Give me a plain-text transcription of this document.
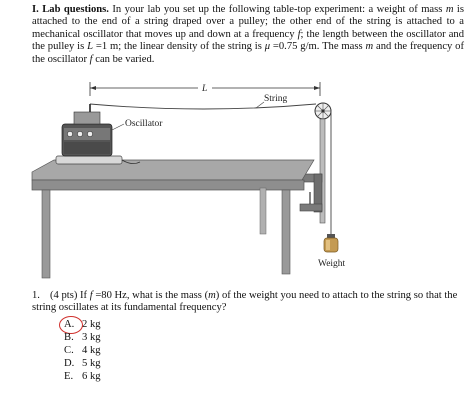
I. Lab questions. In your lab you set up the following table-top experiment: a weight of mass m is attached to the end of a string draped over a pulley; the other end of the string is attached to a mechanical oscillator that moves up and down at a frequency f; the length between the oscillator and the pulley is L =1 m; the linear density of the string is μ =0.75 g/m. The mass m and the frequency of the oscillator f can be varied.
L
String
Oscillator
Weight
1. (4 pts) If f =80 Hz, what is the mass (m) of the weight you need to attach to the string so that the string oscillates at its fundamental frequency?
A. 2 kg
B. 3 kg
C. 4 kg
D. 5 kg
E. 6 kg
